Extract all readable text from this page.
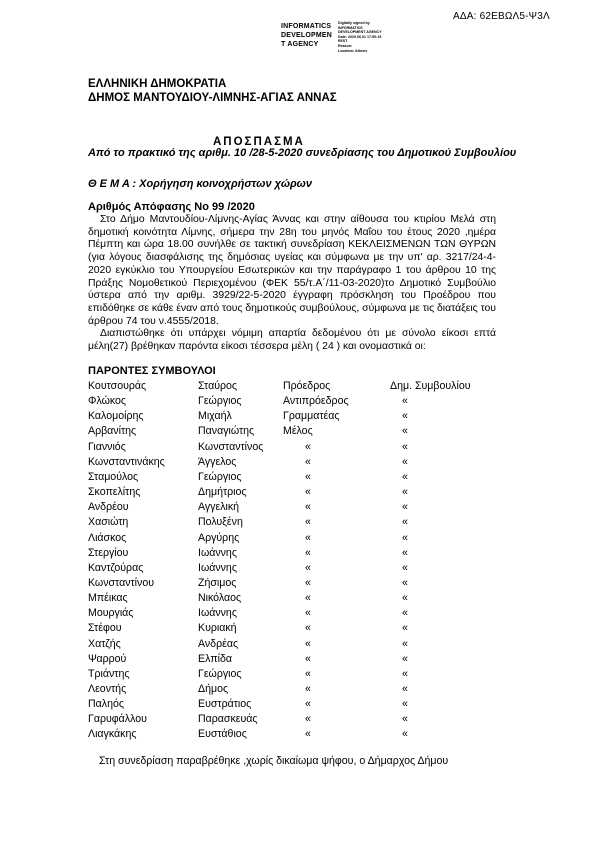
ΑΔΑ: 62ΕΒΩΛ5-Ψ3Λ
INFORMATICS
DEVELOPMEN
T AGENCY
Digitally signed by
INFORMATICS
DEVELOPMENT AGENCY
Date: 2020.06.01 17:50:15
EEST
Reason:
Location: Athens
ΕΛΛΗΝΙΚΗ ΔΗΜΟΚΡΑΤΙΑ
ΔΗΜΟΣ ΜΑΝΤΟΥΔΙΟΥ-ΛΙΜΝΗΣ-ΑΓΙΑΣ ΑΝΝΑΣ
ΑΠΟΣΠΑΣΜΑ
Από το πρακτικό της αριθμ. 10 /28-5-2020 συνεδρίασης του Δημοτικού Συμβουλίου
Θ Ε Μ Α : Χορήγηση κοινοχρήστων χώρων
Αριθμός Απόφασης Νο 99 /2020

Στο Δήμο Μαντουδίου-Λίμνης-Αγίας Άννας και στην αίθουσα του κτιρίου Μελά στη δημοτική κοινότητα Λίμνης, σήμερα την 28η του μηνός Μαΐου του έτους 2020 ,ημέρα Πέμπτη και ώρα 18.00 συνήλθε σε τακτική συνεδρίαση ΚΕΚΛΕΙΣΜΕΝΩΝ ΤΩΝ ΘΥΡΩΝ (για λόγους διασφάλισης της δημόσιας υγείας και σύμφωνα με την υπ' αρ. 3217/24-4-2020 εγκύκλιο του Υπουργείου Εσωτερικών και την παράγραφο 1 του άρθρου 10 της Πράξης Νομοθετικού Περιεχομένου (ΦΕΚ 55/τ.Α΄/11-03-2020)το Δημοτικό Συμβούλιο ύστερα από την αριθμ. 3929/22-5-2020 έγγραφη πρόσκληση του Προέδρου που επιδόθηκε σε κάθε έναν από τους δημοτικούς συμβούλους, σύμφωνα με τις διατάξεις του άρθρου 74 του ν.4555/2018.

Διαπιστώθηκε ότι υπάρχει νόμιμη απαρτία δεδομένου ότι με σύνολο είκοσι επτά μέλη(27) βρέθηκαν παρόντα είκοσι τέσσερα μέλη ( 24 ) και ονομαστικά οι:

ΠΑΡΟΝΤΕΣ ΣΥΜΒΟΥΛΟΙ
Κουτσουράς	Σταύρος	Πρόεδρος	Δημ. Συμβουλίου
Φλώκος	Γεώργιος	Αντιπρόεδρος	«
Καλομοίρης	Μιχαήλ	Γραμματέας	«
Αρβανίτης	Παναγιώτης	Μέλος	«
Γιαννιός	Κωνσταντίνος	«	«
Κωνσταντινάκης	Άγγελος	«	«
Σταμούλος	Γεώργιος	«	«
Σκοπελίτης	Δημήτριος	«	«
Ανδρέου	Αγγελική	«	«
Χασιώτη	Πολυξένη	«	«
Λιάσκος	Αργύρης	«	«
Στεργίου	Ιωάννης	«	«
Καντζούρας	Ιωάννης	«	«
Κωνσταντίνου	Ζήσιμος	«	«
Μπέικας	Νικόλαος	«	«
Μουργιάς	Ιωάννης	«	«
Στέφου	Κυριακή	«	«
Χατζής	Ανδρέας	«	«
Ψαρρού	Ελπίδα	«	«
Τριάντης	Γεώργιος	«	«
Λεοντής	Δήμος	«	«
Παληός	Ευστράτιος	«	«
Γαρυφάλλου	Παρασκευάς	«	«
Λιαγκάκης	Ευστάθιος	«	«
Στη συνεδρίαση παραβρέθηκε ,χωρίς δικαίωμα ψήφου, ο Δήμαρχος Δήμου
